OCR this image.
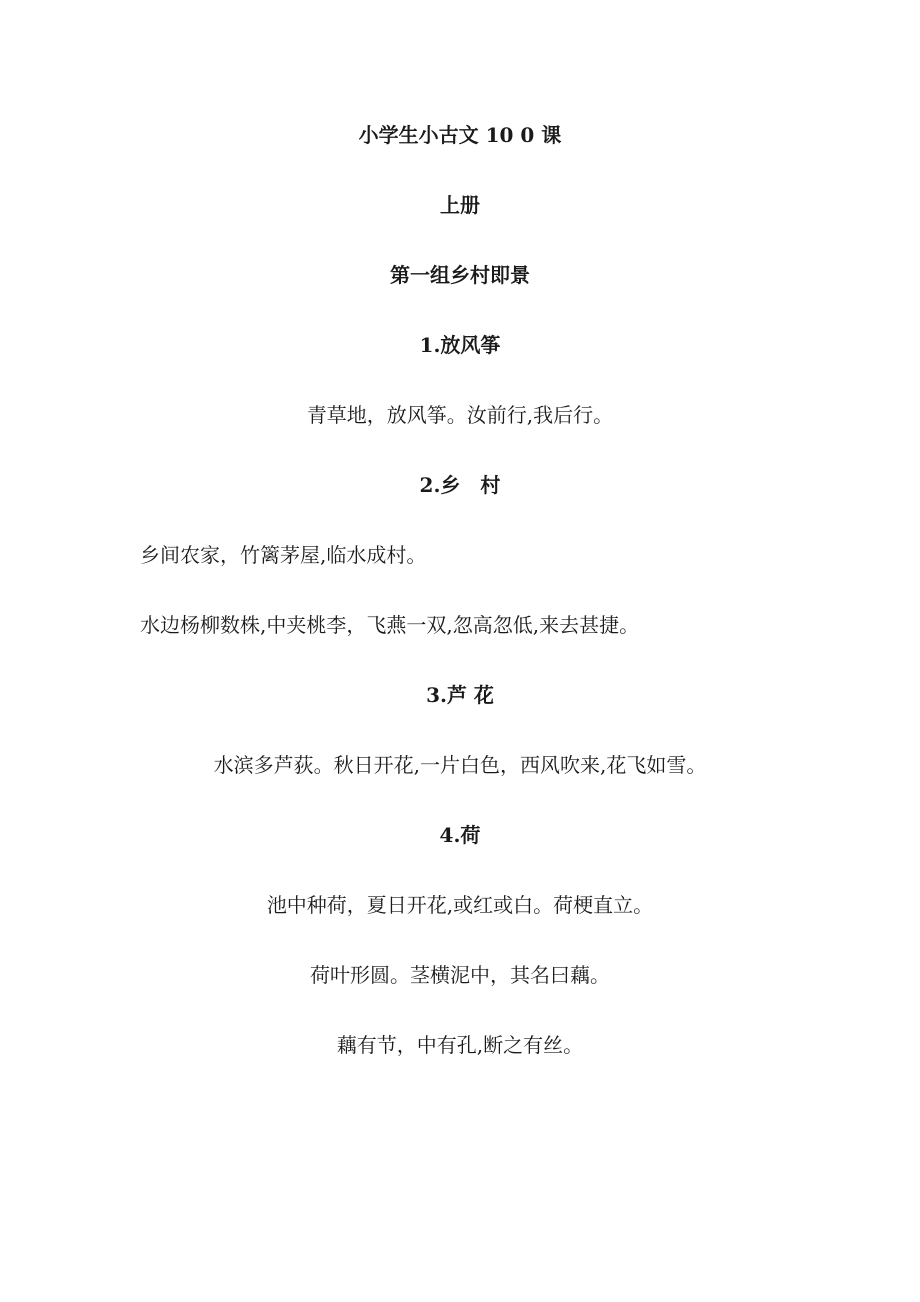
小学生小古文 10 0 课
上册
第一组乡村即景
1.放风筝
青草地，放风筝。汝前行,我后行。
2.乡　村
乡间农家，竹篱茅屋,临水成村。
水边杨柳数株,中夹桃李，飞燕一双,忽高忽低,来去甚捷。
3.芦 花
水滨多芦荻。秋日开花,一片白色，西风吹来,花飞如雪。
4.荷
池中种荷，夏日开花,或红或白。荷梗直立。
荷叶形圆。茎横泥中，其名曰藕。
藕有节，中有孔,断之有丝。
